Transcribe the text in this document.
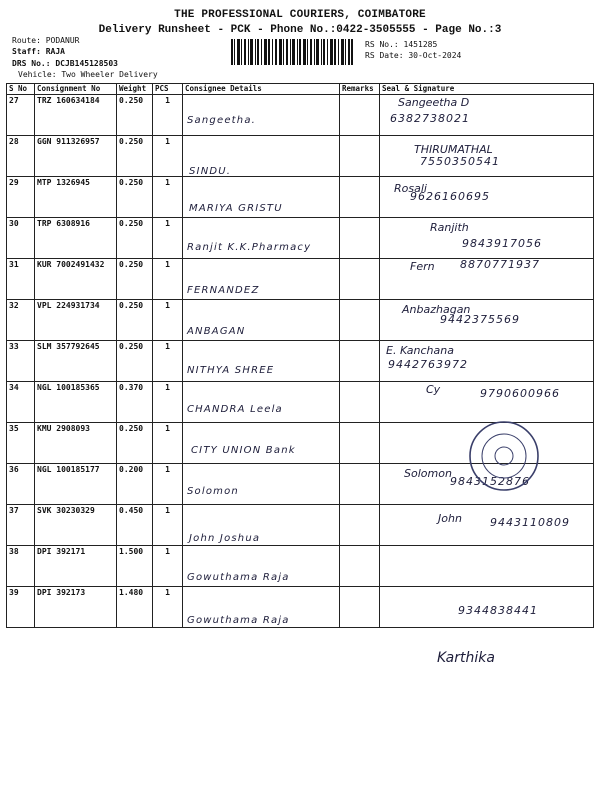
THE PROFESSIONAL COURIERS, COIMBATORE
Delivery Runsheet - PCK - Phone No.:0422-3505555 - Page No.:3
Route: PODANUR
Staff: RAJA
DRS No.: DCJB145128503
Vehicle: Two Wheeler Delivery
RS No.: 1451285
RS Date: 30-Oct-2024
S No	Consignment No	Weight	PCS	Consignee Details	Remarks	Seal & Signature
27	TRZ 160634184	0.250	1	Sangeetha.		Sangeetha D
6382738021

28	GGN 911326957	0.250	1	SINDU.		THIRUMATHAL
7550350541

29	MTP 1326945	0.250	1	MARIYA GRISTU		Rosali
9626160695

30	TRP 6308916	0.250	1	Ranjit K.K.Pharmacy		Ranjith
9843917056

31	KUR 7002491432	0.250	1	FERNANDEZ		Fern 8870771937

32	VPL 224931734	0.250	1	ANBAGAN		Anbazhagan
9442375569

33	SLM 357792645	0.250	1	NITHYA SHREE		E. Kanchana
9442763972

34	NGL 100185365	0.370	1	CHANDRA Leela		Cy 9790600966

35	KMU 2908093	0.250	1	CITY UNION Bank		

36	NGL 100185177	0.200	1	Solomon		Solomon
9843152876

37	SVK 30230329	0.450	1	John Joshua		John 9443110809

38	DPI 392171	1.500	1	Gowuthama Raja		

39	DPI 392173	1.480	1	Gowuthama Raja		9344838441
Karthika
